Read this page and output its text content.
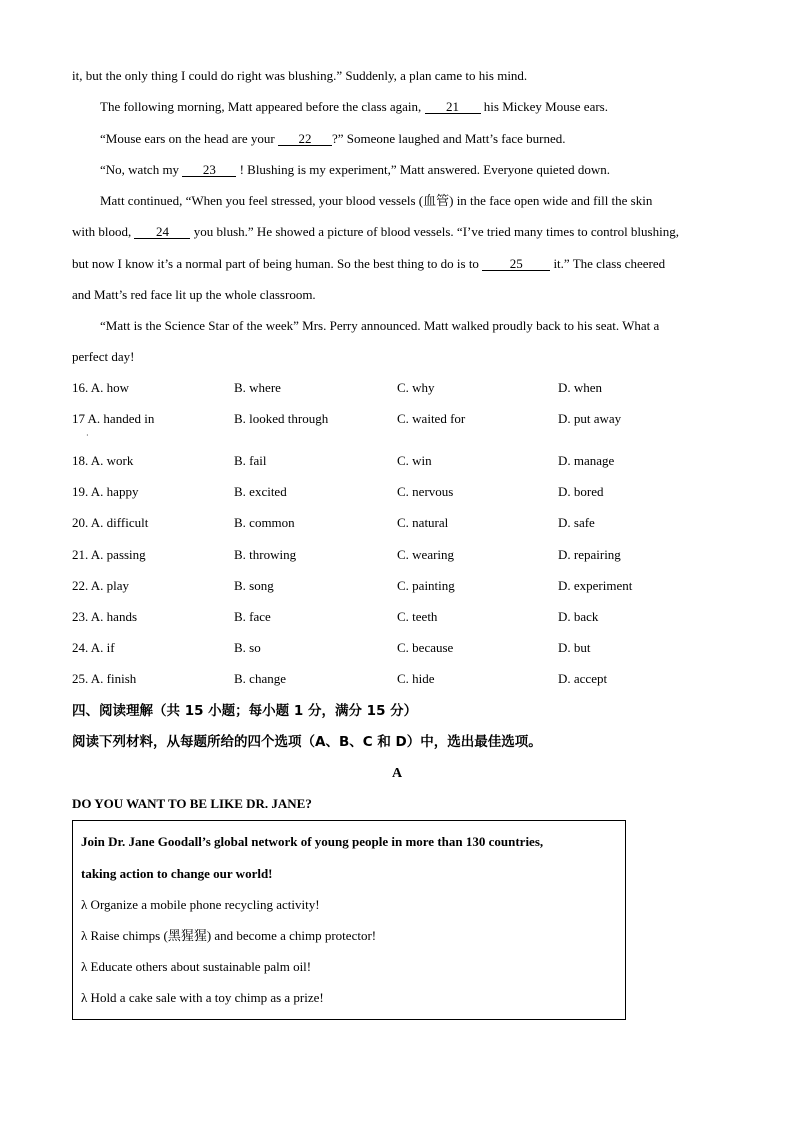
it, but the only thing I could do right was blushing.” Suddenly, a plan came to his mind.
The following morning, Matt appeared before the class again, 21 his Mickey Mouse ears.
“Mouse ears on the head are your 22 ?” Someone laughed and Matt’s face burned.
“No, watch my 23 ! Blushing is my experiment,” Matt answered. Everyone quieted down.
Matt continued, “When you feel stressed, your blood vessels (血管) in the face open wide and fill the skin
with blood, 24 you blush.” He showed a picture of blood vessels. “I’ve tried many times to control blushing,
but now I know it’s a normal part of being human. So the best thing to do is to 25 it.” The class cheered
and Matt’s red face lit up the whole classroom.
“Matt is the Science Star of the week” Mrs. Perry announced. Matt walked proudly back to his seat. What a
perfect day!
16. A. how	B. where	C. why	D. when
17 A. handed in	B. looked through	C. waited for	D. put away
·
18. A. work	B. fail	C. win	D. manage
19. A. happy	B. excited	C. nervous	D. bored
20. A. difficult	B. common	C. natural	D. safe
21. A. passing	B. throwing	C. wearing	D. repairing
22. A. play	B. song	C. painting	D. experiment
23. A. hands	B. face	C. teeth	D. back
24. A. if	B. so	C. because	D. but
25. A. finish	B. change	C. hide	D. accept
四、阅读理解（共 15 小题；每小题 1 分，满分 15 分）
阅读下列材料，从每题所给的四个选项（A、B、C 和 D）中，选出最佳选项。
A
DO YOU WANT TO BE LIKE DR. JANE?
Join Dr. Jane Goodall’s global network of young people in more than 130 countries,
taking action to change our world!
λ Organize a mobile phone recycling activity!
λ Raise chimps (黑猩猩) and become a chimp protector!
λ Educate others about sustainable palm oil!
λ Hold a cake sale with a toy chimp as a prize!
